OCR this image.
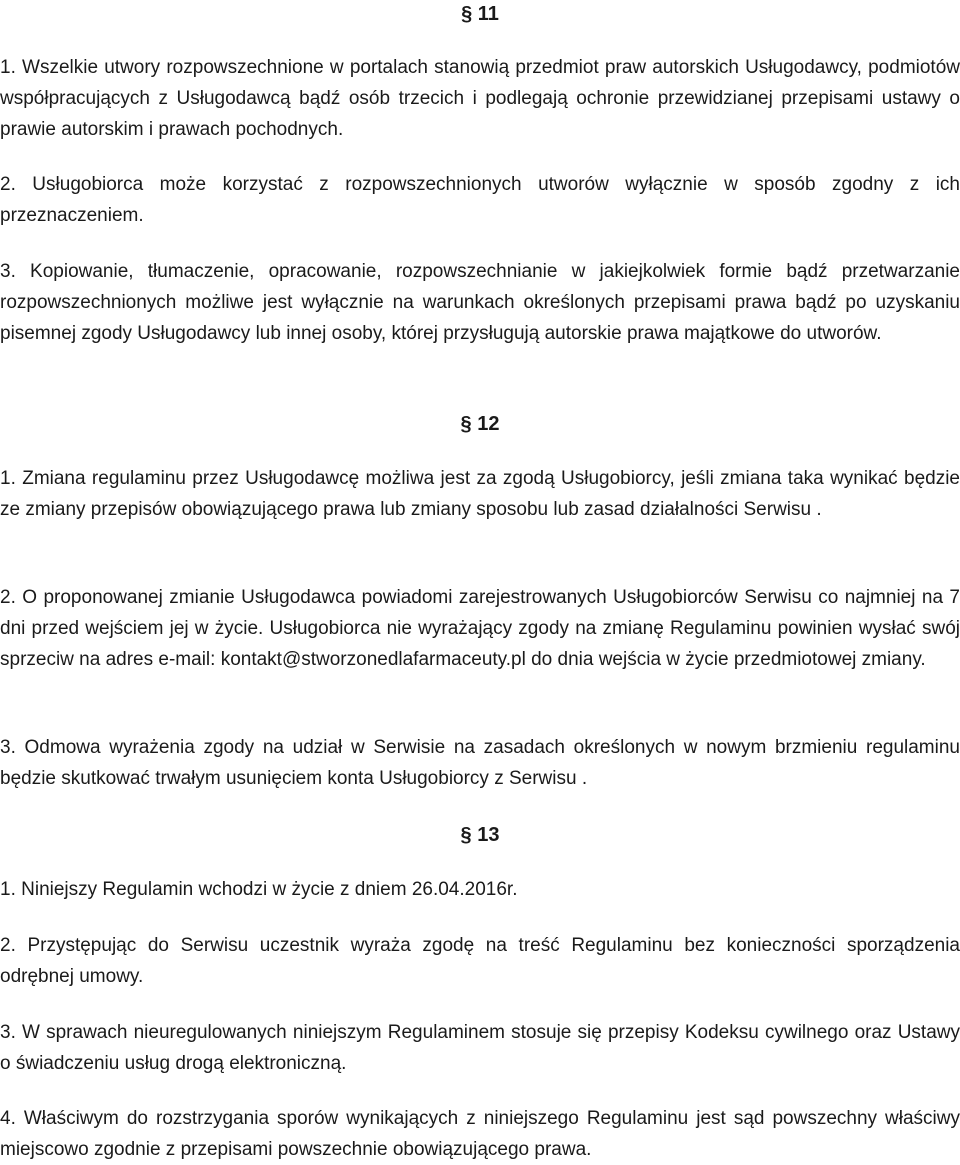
§ 11

1. Wszelkie utwory rozpowszechnione w portalach stanowią przedmiot praw autorskich Usługodawcy, podmiotów współpracujących z Usługodawcą bądź osób trzecich i podlegają ochronie przewidzianej przepisami ustawy o prawie autorskim i prawach pochodnych.

2. Usługobiorca może korzystać z rozpowszechnionych utworów wyłącznie w sposób zgodny z ich przeznaczeniem.

3. Kopiowanie, tłumaczenie, opracowanie, rozpowszechnianie w jakiejkolwiek formie bądź przetwarzanie rozpowszechnionych możliwe jest wyłącznie na warunkach określonych przepisami prawa bądź po uzyskaniu pisemnej zgody Usługodawcy lub innej osoby, której przysługują autorskie prawa majątkowe do utworów.

§ 12

1. Zmiana regulaminu przez Usługodawcę możliwa jest za zgodą Usługobiorcy, jeśli zmiana taka wynikać będzie ze zmiany przepisów obowiązującego prawa lub zmiany sposobu lub zasad działalności Serwisu .

2. O proponowanej zmianie Usługodawca powiadomi zarejestrowanych Usługobiorców Serwisu co najmniej na 7 dni przed wejściem jej w życie. Usługobiorca nie wyrażający zgody na zmianę Regulaminu powinien wysłać swój sprzeciw na adres e-mail: kontakt@stworzonedlafarmaceuty.pl do dnia wejścia w życie przedmiotowej zmiany.

3. Odmowa wyrażenia zgody na udział w Serwisie na zasadach określonych w nowym brzmieniu regulaminu będzie skutkować trwałym usunięciem konta Usługobiorcy z Serwisu .

§ 13

1. Niniejszy Regulamin wchodzi w życie z dniem 26.04.2016r.

2. Przystępując do Serwisu uczestnik wyraża zgodę na treść Regulaminu bez konieczności sporządzenia odrębnej umowy.

3. W sprawach nieuregulowanych niniejszym Regulaminem stosuje się przepisy Kodeksu cywilnego oraz Ustawy o świadczeniu usług drogą elektroniczną.

4. Właściwym do rozstrzygania sporów wynikających z niniejszego Regulaminu jest sąd powszechny właściwy miejscowo zgodnie z przepisami powszechnie obowiązującego prawa.
